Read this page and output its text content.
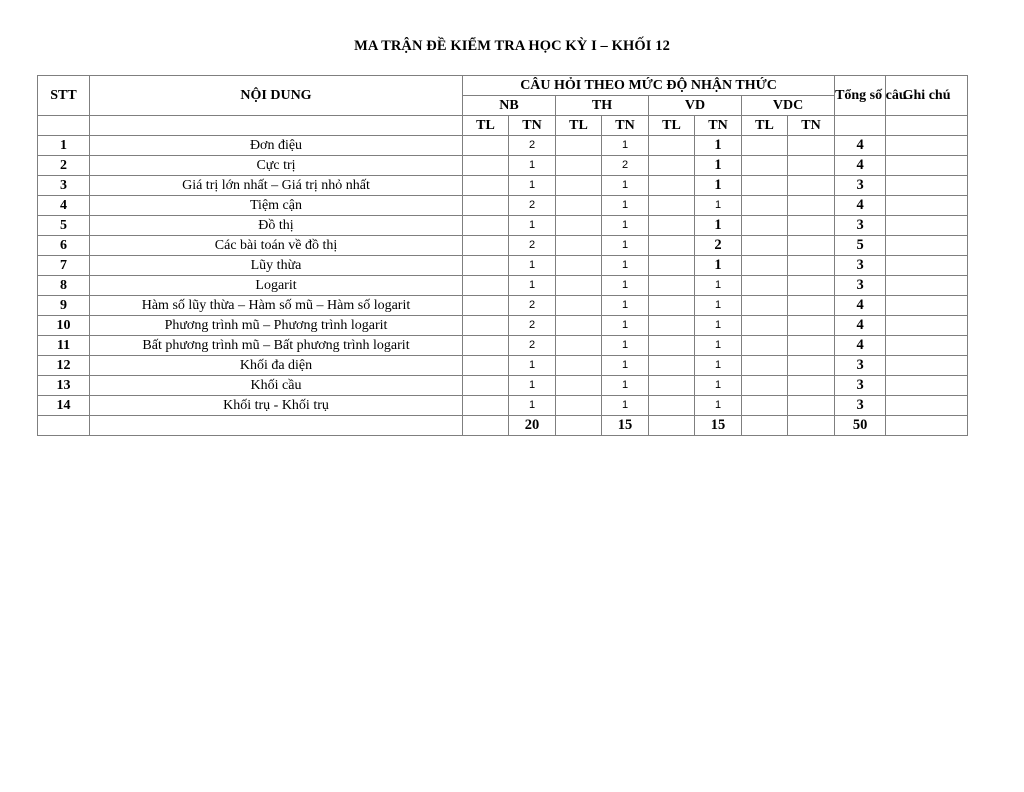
MA TRẬN ĐỀ KIỂM TRA HỌC KỲ I – KHỐI 12
STT	NỘI DUNG	CÂU HỎI THEO MỨC ĐỘ NHẬN THỨC								Tổng số câu	Ghi chú
		NB		TH		VD		VDC			
		TL	TN	TL	TN	TL	TN	TL	TN		
1	Đơn điệu		2		1		1			4	
2	Cực trị		1		2		1			4	
3	Giá trị lớn nhất – Giá trị nhỏ nhất		1		1		1			3	
4	Tiệm cận		2		1		1			4	
5	Đồ thị		1		1		1			3	
6	Các bài toán về đồ thị		2		1		2			5	
7	Lũy thừa		1		1		1			3	
8	Logarit		1		1		1			3	
9	Hàm số lũy thừa – Hàm số mũ – Hàm số logarit		2		1		1			4	
10	Phương trình mũ – Phương trình logarit		2		1		1			4	
11	Bất phương trình mũ – Bất phương trình logarit		2		1		1			4	
12	Khối đa diện		1		1		1			3	
13	Khối cầu		1		1		1			3	
14	Khối trụ - Khối trụ		1		1		1			3	
			20		15		15			50	
